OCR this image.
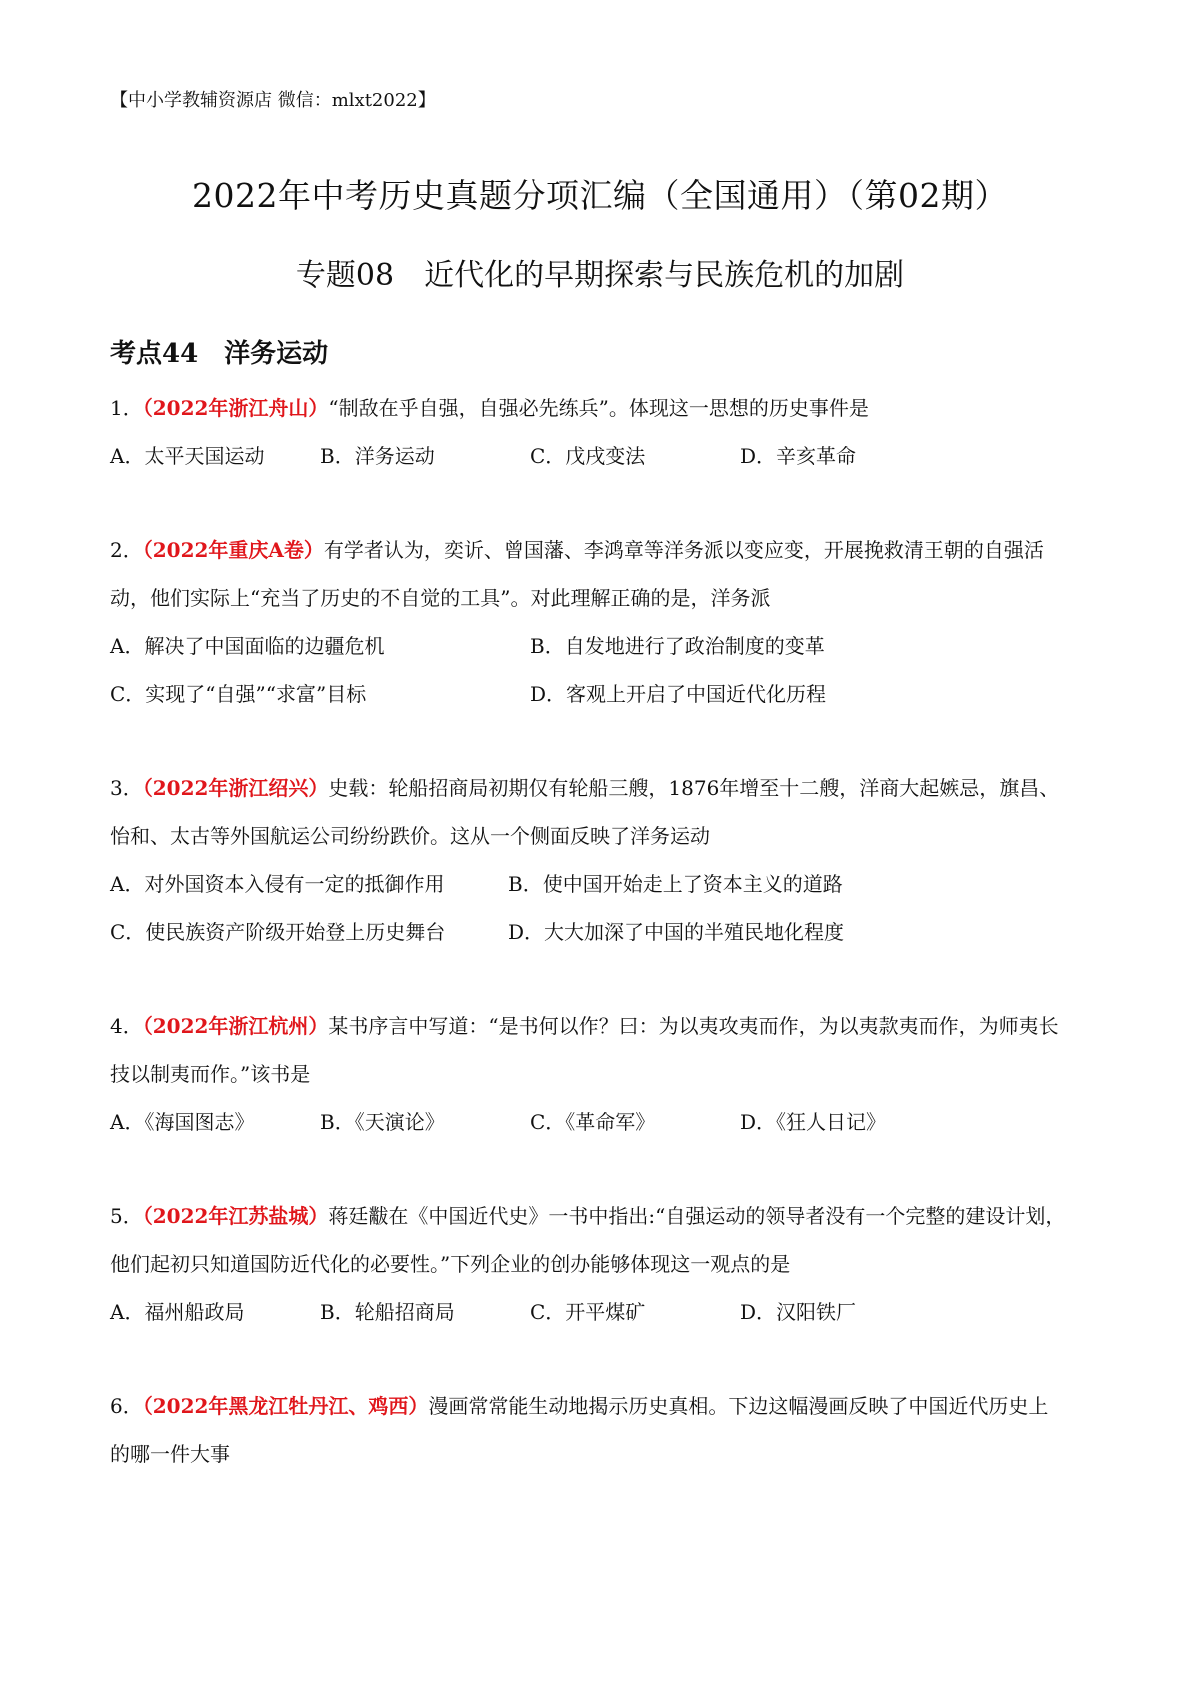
【中小学教辅资源店 微信：mlxt2022】
2022年中考历史真题分项汇编（全国通用）（第02期）
专题08　近代化的早期探索与民族危机的加剧
考点44　洋务运动

1．（2022年浙江舟山）“制敌在乎自强，自强必先练兵”。体现这一思想的历史事件是

A．太平天国运动	B．洋务运动	C．戊戌变法	D．辛亥革命

2．（2022年重庆A卷）有学者认为，奕䜣、曾国藩、李鸿章等洋务派以变应变，开展挽救清王朝的自强活

动，他们实际上“充当了历史的不自觉的工具”。对此理解正确的是，洋务派

A．解决了中国面临的边疆危机	B．自发地进行了政治制度的变革
C．实现了“自强”“求富”目标	D．客观上开启了中国近代化历程

3．（2022年浙江绍兴）史载：轮船招商局初期仅有轮船三艘，1876年增至十二艘，洋商大起嫉忌，旗昌、

怡和、太古等外国航运公司纷纷跌价。这从一个侧面反映了洋务运动

A．对外国资本入侵有一定的抵御作用	B．使中国开始走上了资本主义的道路
C．使民族资产阶级开始登上历史舞台	D．大大加深了中国的半殖民地化程度

4．（2022年浙江杭州）某书序言中写道：“是书何以作？曰：为以夷攻夷而作，为以夷款夷而作，为师夷长

技以制夷而作。”该书是

A．《海国图志》	B．《天演论》	C．《革命军》	D．《狂人日记》

5．（2022年江苏盐城）蒋廷黻在《中国近代史》一书中指出:“自强运动的领导者没有一个完整的建设计划，

他们起初只知道国防近代化的必要性。”下列企业的创办能够体现这一观点的是

A．福州船政局	B．轮船招商局	C．开平煤矿	D．汉阳铁厂

6．（2022年黑龙江牡丹江、鸡西）漫画常常能生动地揭示历史真相。下边这幅漫画反映了中国近代历史上

的哪一件大事
